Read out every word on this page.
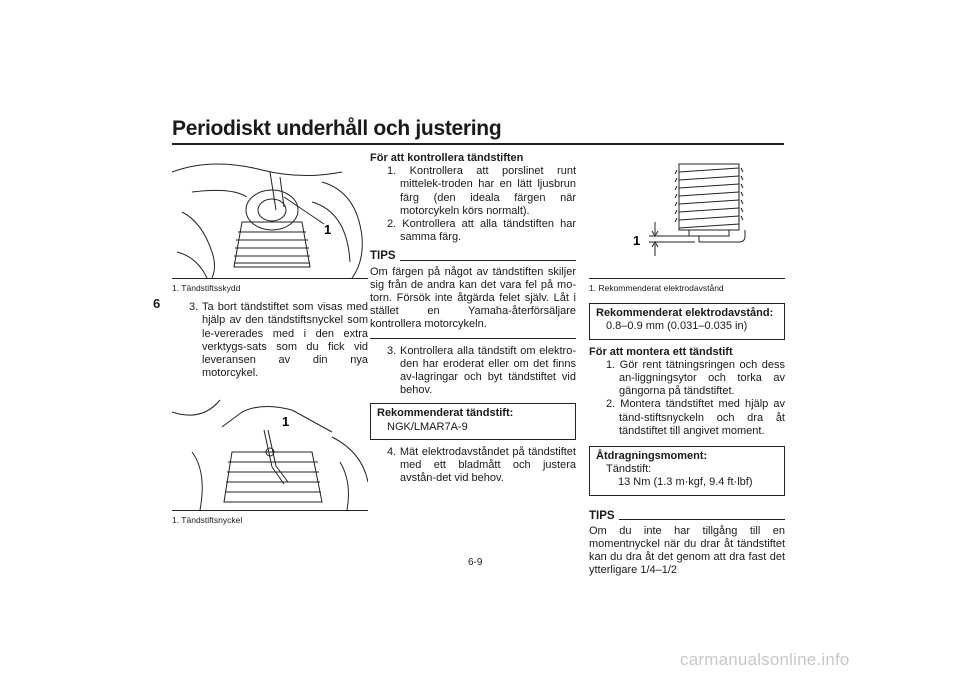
Periodiskt underhåll och justering
6
1
1. Tändstiftsskydd

3. Ta bort tändstiftet som visas med hjälp av den tändstiftsnyckel som le-vererades med i den extra verktygs-sats som du fick vid leveransen av din nya motorcykel.

1
1. Tändstiftsnyckel

För att kontrollera tändstiften

1. Kontrollera att porslinet runt mittelek-troden har en lätt ljusbrun färg (den ideala färgen när motorcykeln körs normalt).

2. Kontrollera att alla tändstiften har samma färg.

TIPS

Om färgen på något av tändstiften skiljer sig från de andra kan det vara fel på mo-torn. Försök inte åtgärda felet själv. Låt i stället en Yamaha-återförsäljare kontrollera motorcykeln.

3. Kontrollera alla tändstift om elektro-den har eroderat eller om det finns av-lagringar och byt tändstiftet vid behov.

Rekommenderat tändstift:
NGK/LMAR7A-9

4. Mät elektrodavståndet på tändstiftet med ett bladmått och justera avstån-det vid behov.

1
1. Rekommenderat elektrodavstånd
Rekommenderat elektrodavstånd:
0.8–0.9 mm (0.031–0.035 in)

För att montera ett tändstift

1. Gör rent tätningsringen och dess an-liggningsytor och torka av gängorna på tändstiftet.

2. Montera tändstiftet med hjälp av tänd-stiftsnyckeln och dra åt tändstiftet till angivet moment.

Åtdragningsmoment:
Tändstift:
13 Nm (1.3 m·kgf, 9.4 ft·lbf)
TIPS

Om du inte har tillgång till en momentnyckel när du drar åt tändstiftet kan du dra åt det genom att dra fast det ytterligare 1/4–1/2

6-9
carmanualsonline.info
